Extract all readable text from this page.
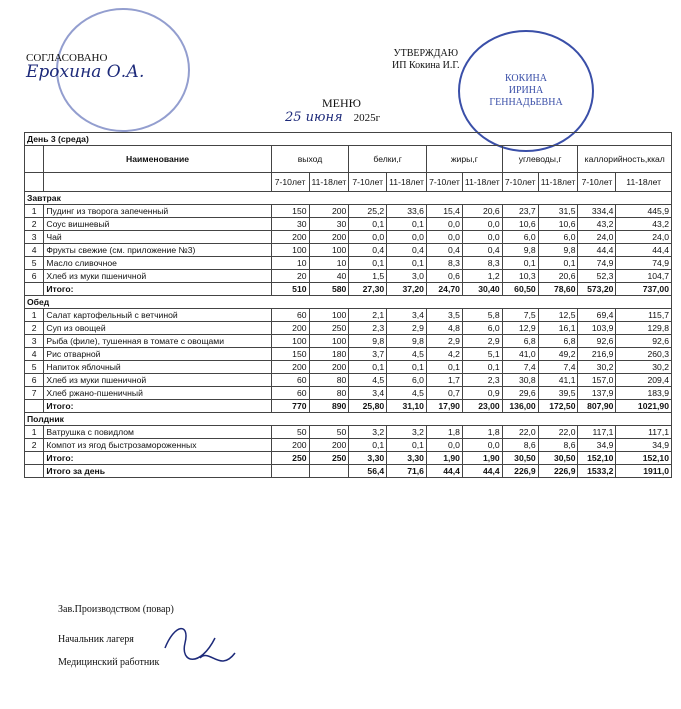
СОГЛАСОВАНО
Ерохина О.А.
УТВЕРЖДАЮ
ИП Кокина И.Г.
КОКИНА
ИРИНА
ГЕННАДЬЕВНА
МЕНЮ
25 июня 2025г
День 3 (среда)											
	Наименование	выход		белки,г		жиры,г		углеводы,г		каллорийность,ккал	
		7-10лет	11-18лет	7-10лет	11-18лет	7-10лет	11-18лет	7-10лет	11-18лет	7-10лет	11-18лет
Завтрак											
1	Пудинг из творога запеченный	150	200	25,2	33,6	15,4	20,6	23,7	31,5	334,4	445,9
2	Соус вишневый	30	30	0,1	0,1	0,0	0,0	10,6	10,6	43,2	43,2
3	Чай	200	200	0,0	0,0	0,0	0,0	6,0	6,0	24,0	24,0
4	Фрукты свежие (см. приложение №3)	100	100	0,4	0,4	0,4	0,4	9,8	9,8	44,4	44,4
5	Масло сливочное	10	10	0,1	0,1	8,3	8,3	0,1	0,1	74,9	74,9
6	Хлеб из муки пшеничной	20	40	1,5	3,0	0,6	1,2	10,3	20,6	52,3	104,7
	Итого:	510	580	27,30	37,20	24,70	30,40	60,50	78,60	573,20	737,00
Обед											
1	Салат картофельный с ветчиной	60	100	2,1	3,4	3,5	5,8	7,5	12,5	69,4	115,7
2	Суп из овощей	200	250	2,3	2,9	4,8	6,0	12,9	16,1	103,9	129,8
3	Рыба (филе), тушенная в томате с овощами	100	100	9,8	9,8	2,9	2,9	6,8	6,8	92,6	92,6
4	Рис отварной	150	180	3,7	4,5	4,2	5,1	41,0	49,2	216,9	260,3
5	Напиток яблочный	200	200	0,1	0,1	0,1	0,1	7,4	7,4	30,2	30,2
6	Хлеб из муки пшеничной	60	80	4,5	6,0	1,7	2,3	30,8	41,1	157,0	209,4
7	Хлеб ржано-пшеничный	60	80	3,4	4,5	0,7	0,9	29,6	39,5	137,9	183,9
	Итого:	770	890	25,80	31,10	17,90	23,00	136,00	172,50	807,90	1021,90
Полдник											
1	Ватрушка с повидлом	50	50	3,2	3,2	1,8	1,8	22,0	22,0	117,1	117,1
2	Компот из ягод быстрозамороженных	200	200	0,1	0,1	0,0	0,0	8,6	8,6	34,9	34,9
	Итого:	250	250	3,30	3,30	1,90	1,90	30,50	30,50	152,10	152,10
	Итого за день			56,4	71,6	44,4	44,4	226,9	226,9	1533,2	1911,0
Зав.Производством (повар)
Начальник лагеря
Медицинский работник
